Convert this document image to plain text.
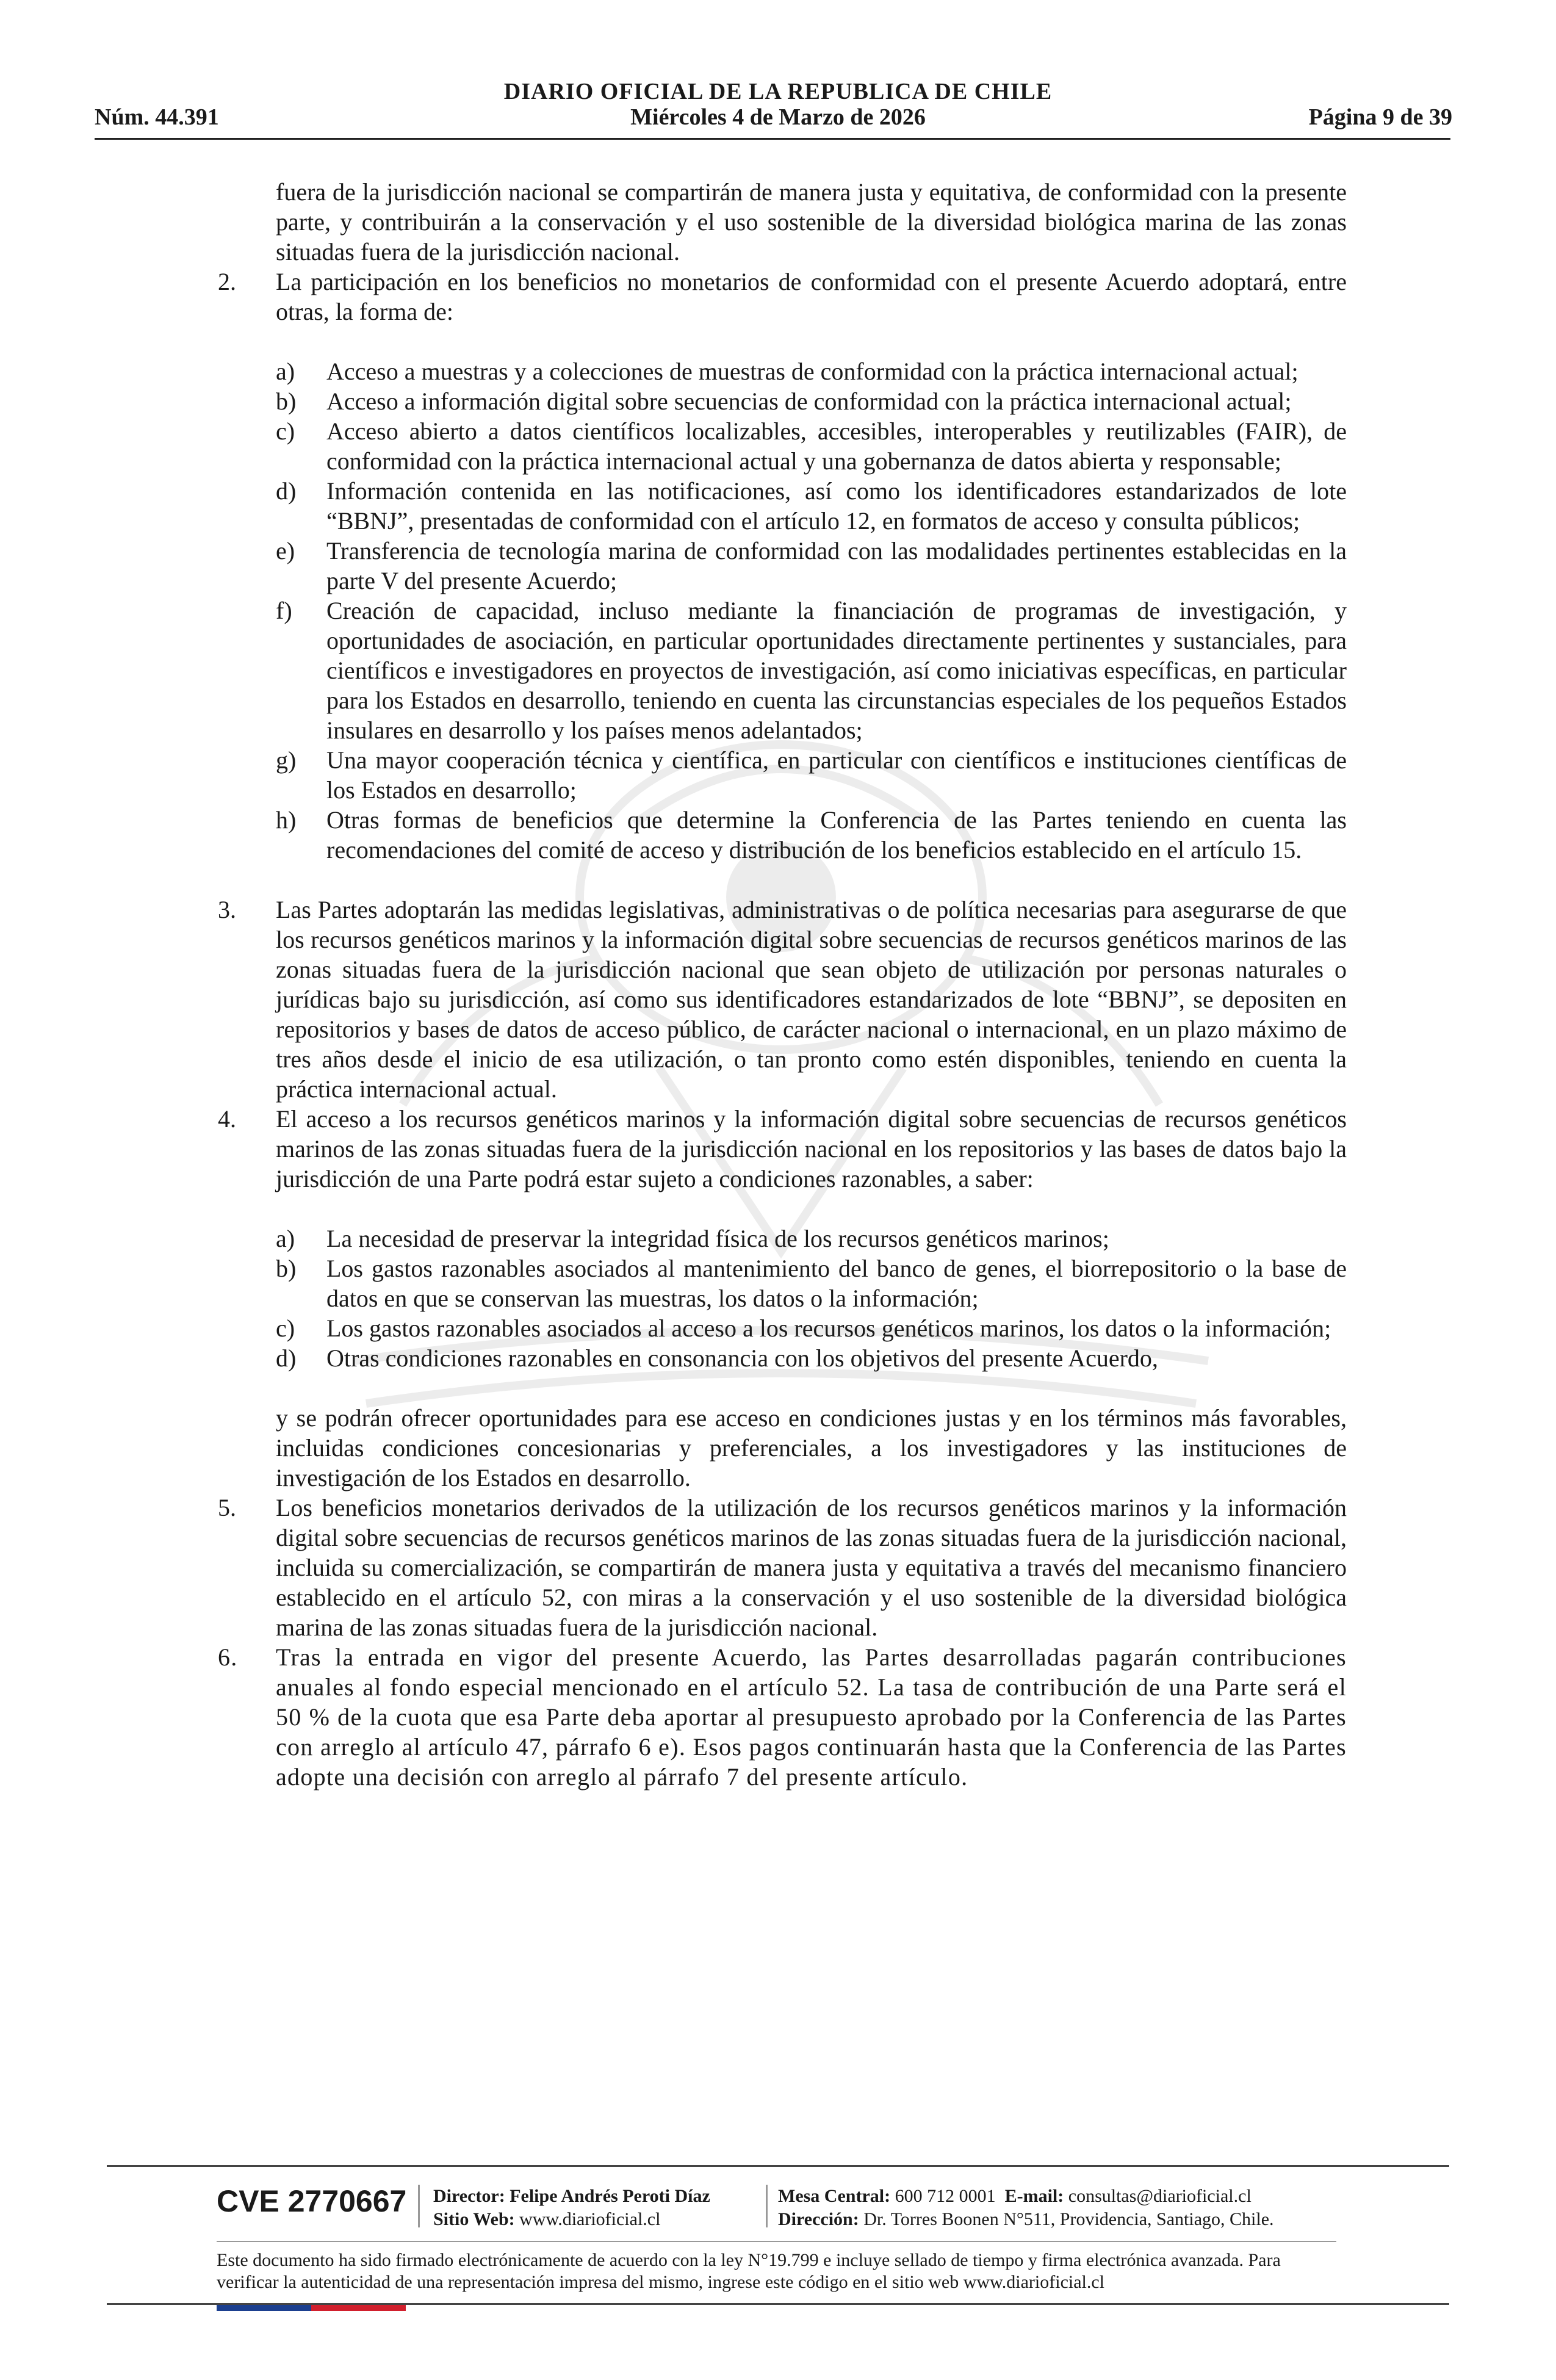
DIARIO OFICIAL DE LA REPUBLICA DE CHILE
Núm. 44.391	Miércoles 4 de Marzo de 2026	Página 9 de 39

fuera de la jurisdicción nacional se compartirán de manera justa y equitativa, de conformidad con la presente parte, y contribuirán a la conservación y el uso sostenible de la diversidad biológica marina de las zonas situadas fuera de la jurisdicción nacional.

2. La participación en los beneficios no monetarios de conformidad con el presente Acuerdo adoptará, entre otras, la forma de:

a) Acceso a muestras y a colecciones de muestras de conformidad con la práctica internacional actual;

b) Acceso a información digital sobre secuencias de conformidad con la práctica internacional actual;

c) Acceso abierto a datos científicos localizables, accesibles, interoperables y reutilizables (FAIR), de conformidad con la práctica internacional actual y una gobernanza de datos abierta y responsable;

d) Información contenida en las notificaciones, así como los identificadores estandarizados de lote “BBNJ”, presentadas de conformidad con el artículo 12, en formatos de acceso y consulta públicos;

e) Transferencia de tecnología marina de conformidad con las modalidades pertinentes establecidas en la parte V del presente Acuerdo;

f) Creación de capacidad, incluso mediante la financiación de programas de investigación, y oportunidades de asociación, en particular oportunidades directamente pertinentes y sustanciales, para científicos e investigadores en proyectos de investigación, así como iniciativas específicas, en particular para los Estados en desarrollo, teniendo en cuenta las circunstancias especiales de los pequeños Estados insulares en desarrollo y los países menos adelantados;

g) Una mayor cooperación técnica y científica, en particular con científicos e instituciones científicas de los Estados en desarrollo;

h) Otras formas de beneficios que determine la Conferencia de las Partes teniendo en cuenta las recomendaciones del comité de acceso y distribución de los beneficios establecido en el artículo 15.

3. Las Partes adoptarán las medidas legislativas, administrativas o de política necesarias para asegurarse de que los recursos genéticos marinos y la información digital sobre secuencias de recursos genéticos marinos de las zonas situadas fuera de la jurisdicción nacional que sean objeto de utilización por personas naturales o jurídicas bajo su jurisdicción, así como sus identificadores estandarizados de lote “BBNJ”, se depositen en repositorios y bases de datos de acceso público, de carácter nacional o internacional, en un plazo máximo de tres años desde el inicio de esa utilización, o tan pronto como estén disponibles, teniendo en cuenta la práctica internacional actual.

4. El acceso a los recursos genéticos marinos y la información digital sobre secuencias de recursos genéticos marinos de las zonas situadas fuera de la jurisdicción nacional en los repositorios y las bases de datos bajo la jurisdicción de una Parte podrá estar sujeto a condiciones razonables, a saber:

a) La necesidad de preservar la integridad física de los recursos genéticos marinos;

b) Los gastos razonables asociados al mantenimiento del banco de genes, el biorrepositorio o la base de datos en que se conservan las muestras, los datos o la información;

c) Los gastos razonables asociados al acceso a los recursos genéticos marinos, los datos o la información;

d) Otras condiciones razonables en consonancia con los objetivos del presente Acuerdo,

y se podrán ofrecer oportunidades para ese acceso en condiciones justas y en los términos más favorables, incluidas condiciones concesionarias y preferenciales, a los investigadores y las instituciones de investigación de los Estados en desarrollo.

5. Los beneficios monetarios derivados de la utilización de los recursos genéticos marinos y la información digital sobre secuencias de recursos genéticos marinos de las zonas situadas fuera de la jurisdicción nacional, incluida su comercialización, se compartirán de manera justa y equitativa a través del mecanismo financiero establecido en el artículo 52, con miras a la conservación y el uso sostenible de la diversidad biológica marina de las zonas situadas fuera de la jurisdicción nacional.

6. Tras la entrada en vigor del presente Acuerdo, las Partes desarrolladas pagarán contribuciones anuales al fondo especial mencionado en el artículo 52. La tasa de contribución de una Parte será el 50 % de la cuota que esa Parte deba aportar al presupuesto aprobado por la Conferencia de las Partes con arreglo al artículo 47, párrafo 6 e). Esos pagos continuarán hasta que la Conferencia de las Partes adopte una decisión con arreglo al párrafo 7 del presente artículo.

CVE 2770667 Director: Felipe Andrés Peroti Díaz
Sitio Web: www.diarioficial.cl
Mesa Central: 600 712 0001 E-mail: consultas@diarioficial.cl
Dirección: Dr. Torres Boonen N°511, Providencia, Santiago, Chile.
Este documento ha sido firmado electrónicamente de acuerdo con la ley N°19.799 e incluye sellado de tiempo y firma electrónica avanzada. Para verificar la autenticidad de una representación impresa del mismo, ingrese este código en el sitio web www.diarioficial.cl
